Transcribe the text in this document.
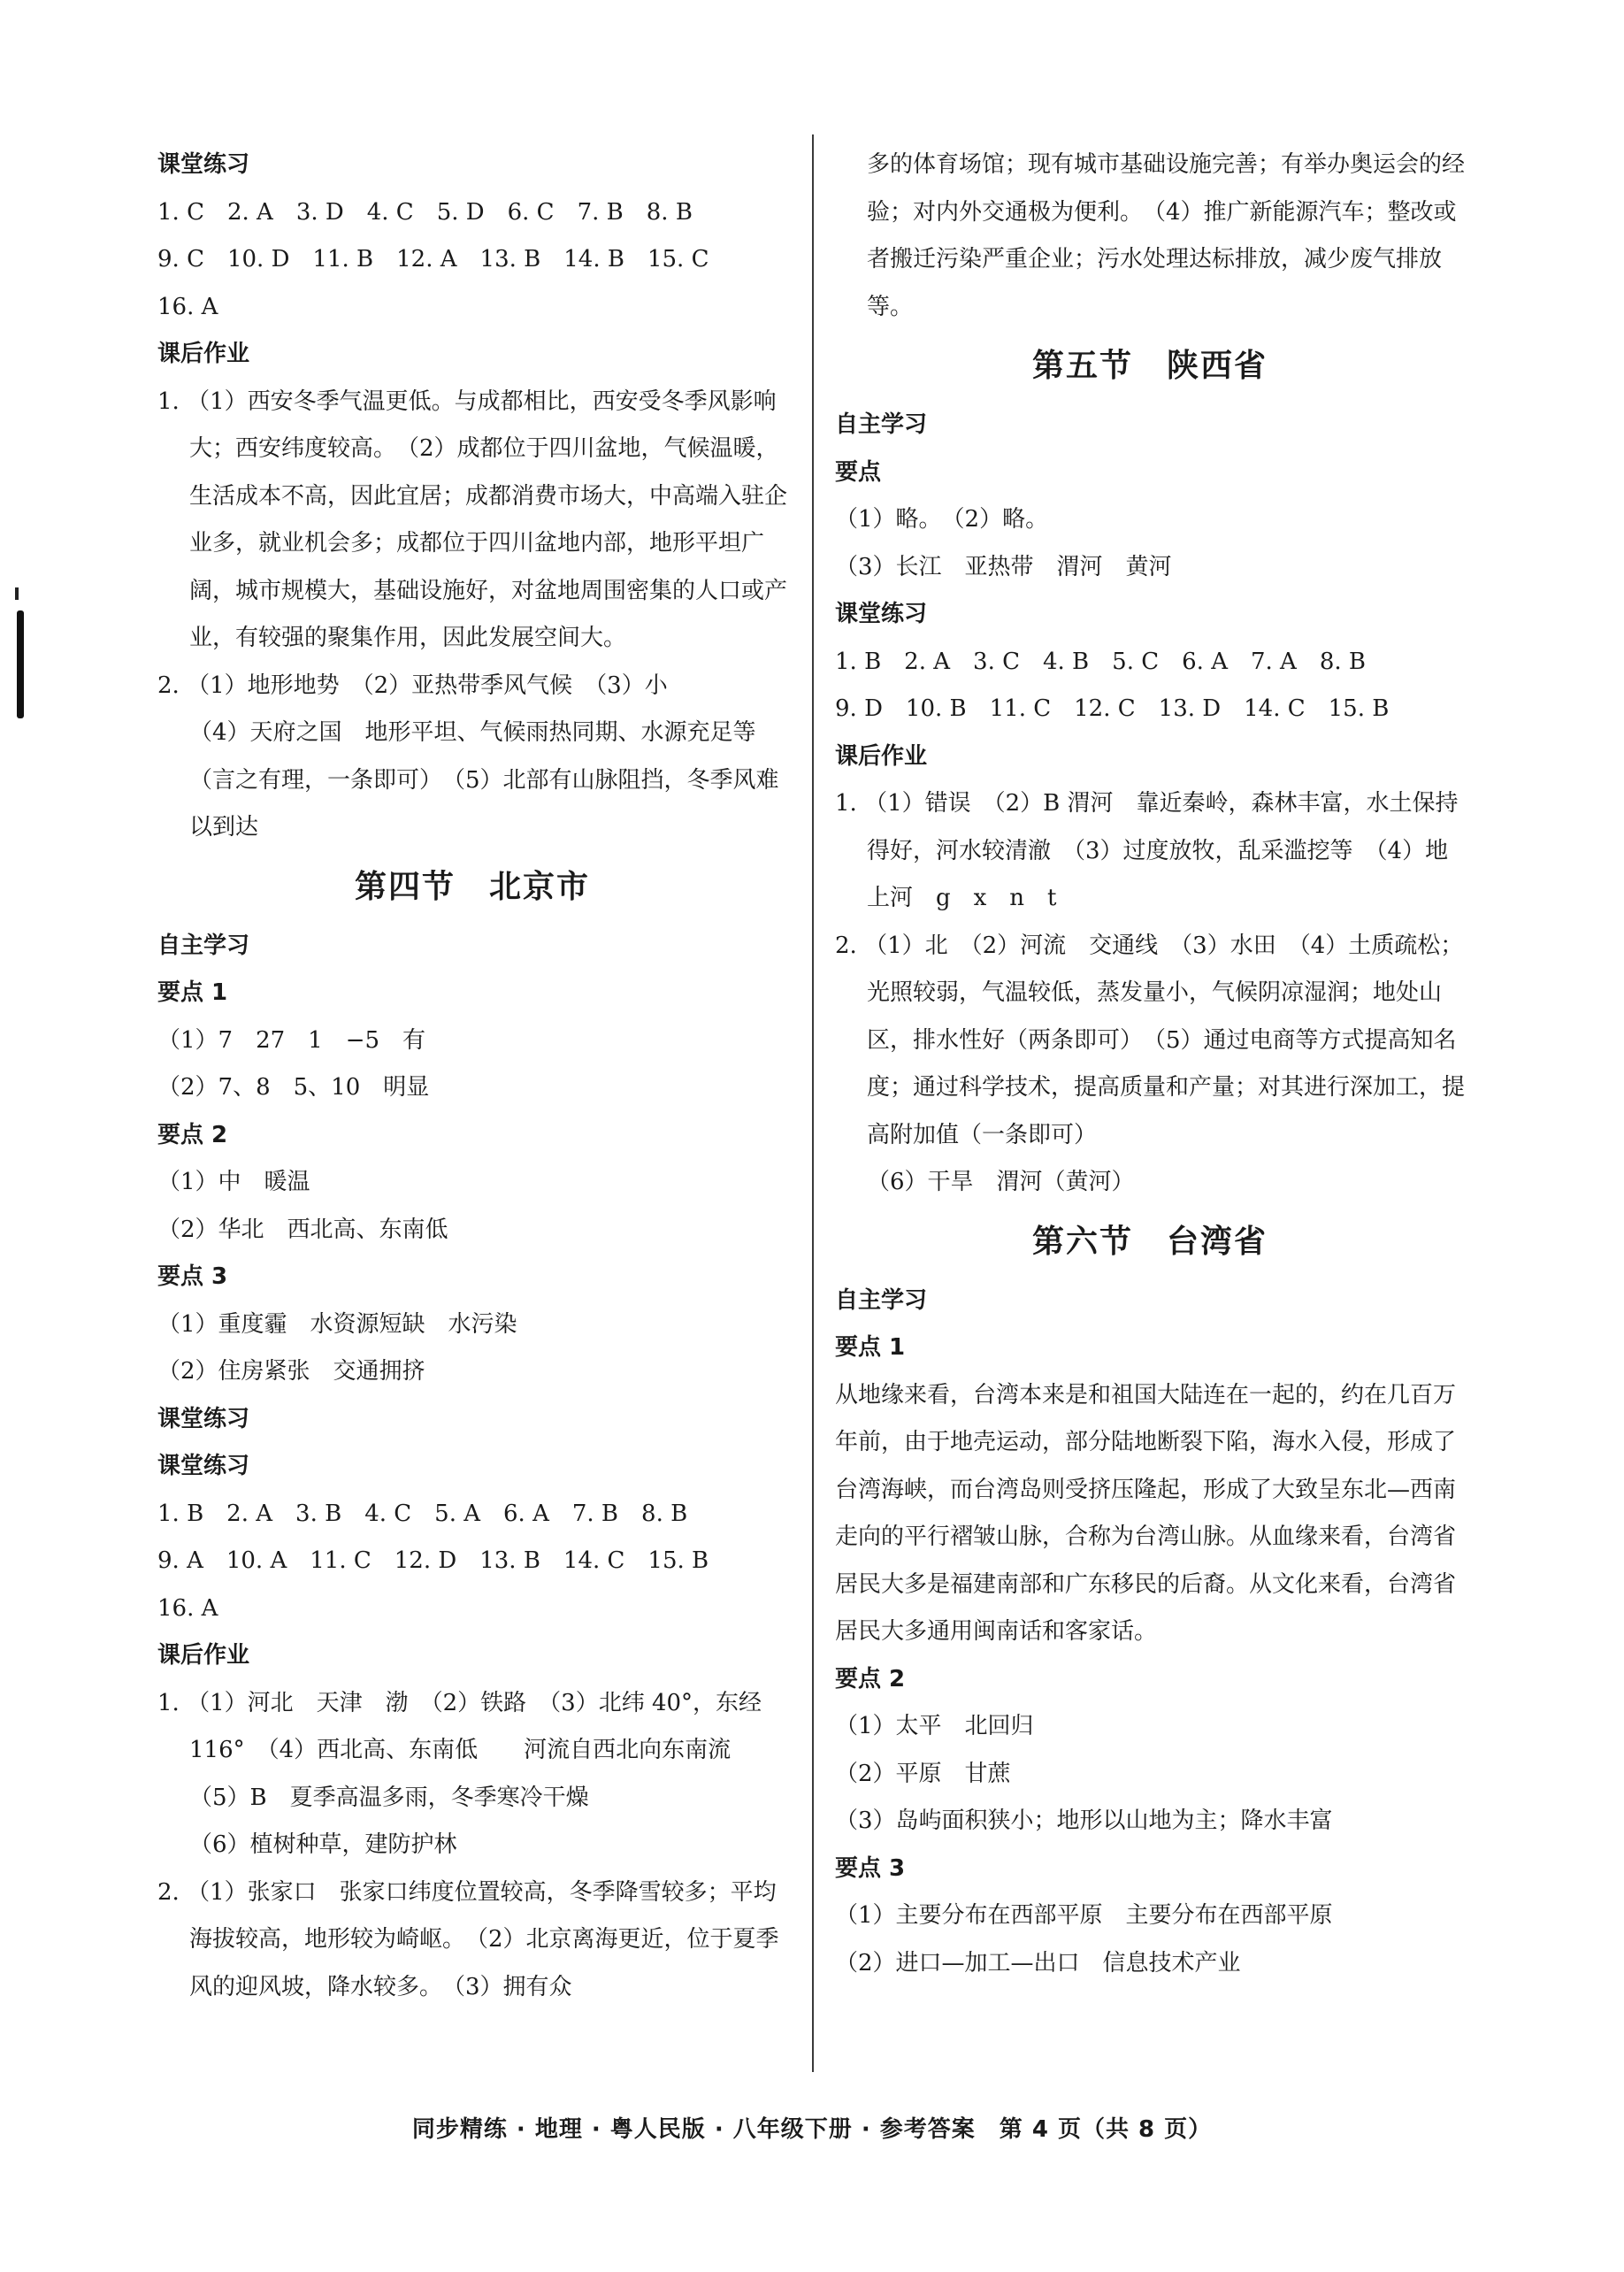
课堂练习
1. C　2. A　3. D　4. C　5. D　6. C　7. B　8. B
9. C　10. D　11. B　12. A　13. B　14. B　15. C
16. A
课后作业
1. （1）西安冬季气温更低。与成都相比，西安受冬季风影响大；西安纬度较高。　（2）成都位于四川盆地，气候温暖，生活成本不高，因此宜居；成都消费市场大，中高端入驻企业多，就业机会多；成都位于四川盆地内部，地形平坦广阔，城市规模大，基础设施好，对盆地周围密集的人口或产业，有较强的聚集作用，因此发展空间大。
2. （1）地形地势　（2）亚热带季风气候　（3）小
（4）天府之国　地形平坦、气候雨热同期、水源充足等（言之有理，一条即可）　（5）北部有山脉阻挡，冬季风难以到达
第四节　北京市
自主学习
要点 1
（1）7　27　1　−5　有
（2）7、8　5、10　明显
要点 2
（1）中　暖温
（2）华北　西北高、东南低
要点 3
（1）重度霾　水资源短缺　水污染
（2）住房紧张　交通拥挤
课堂练习
课堂练习
1. B　2. A　3. B　4. C　5. A　6. A　7. B　8. B
9. A　10. A　11. C　12. D　13. B　14. C　15. B
16. A
课后作业
1. （1）河北　天津　渤　（2）铁路　（3）北纬 40°，东经 116°　（4）西北高、东南低　　河流自西北向东南流　（5）B　夏季高温多雨，冬季寒冷干燥
（6）植树种草，建防护林
2. （1）张家口　张家口纬度位置较高，冬季降雪较多；平均海拔较高，地形较为崎岖。　（2）北京离海更近，位于夏季风的迎风坡，降水较多。　（3）拥有众
多的体育场馆；现有城市基础设施完善；有举办奥运会的经验；对内外交通极为便利。　（4）推广新能源汽车；整改或者搬迁污染严重企业；污水处理达标排放，减少废气排放等。
第五节　陕西省
自主学习
要点
（1）略。　（2）略。
（3）长江　亚热带　渭河　黄河
课堂练习
1. B　2. A　3. C　4. B　5. C　6. A　7. A　8. B
9. D　10. B　11. C　12. C　13. D　14. C　15. B
课后作业
1. （1）错误　（2）B 渭河　靠近秦岭，森林丰富，水土保持得好，河水较清澈　（3）过度放牧，乱采滥挖等　（4）地上河　g　x　n　t
2. （1）北　（2）河流　交通线　（3）水田　（4）土质疏松；光照较弱，气温较低，蒸发量小，气候阴凉湿润；地处山区，排水性好（两条即可）　（5）通过电商等方式提高知名度；通过科学技术，提高质量和产量；对其进行深加工，提高附加值（一条即可）
（6）干旱　渭河（黄河）
第六节　台湾省
自主学习
要点 1
从地缘来看，台湾本来是和祖国大陆连在一起的，约在几百万年前，由于地壳运动，部分陆地断裂下陷，海水入侵，形成了台湾海峡，而台湾岛则受挤压隆起，形成了大致呈东北—西南走向的平行褶皱山脉，合称为台湾山脉。从血缘来看，台湾省居民大多是福建南部和广东移民的后裔。从文化来看，台湾省居民大多通用闽南话和客家话。
要点 2
（1）太平　北回归
（2）平原　甘蔗
（3）岛屿面积狭小；地形以山地为主；降水丰富
要点 3
（1）主要分布在西部平原　主要分布在西部平原
（2）进口—加工—出口　信息技术产业
同步精练 · 地理 · 粤人民版 · 八年级下册 · 参考答案　第 4 页（共 8 页）
